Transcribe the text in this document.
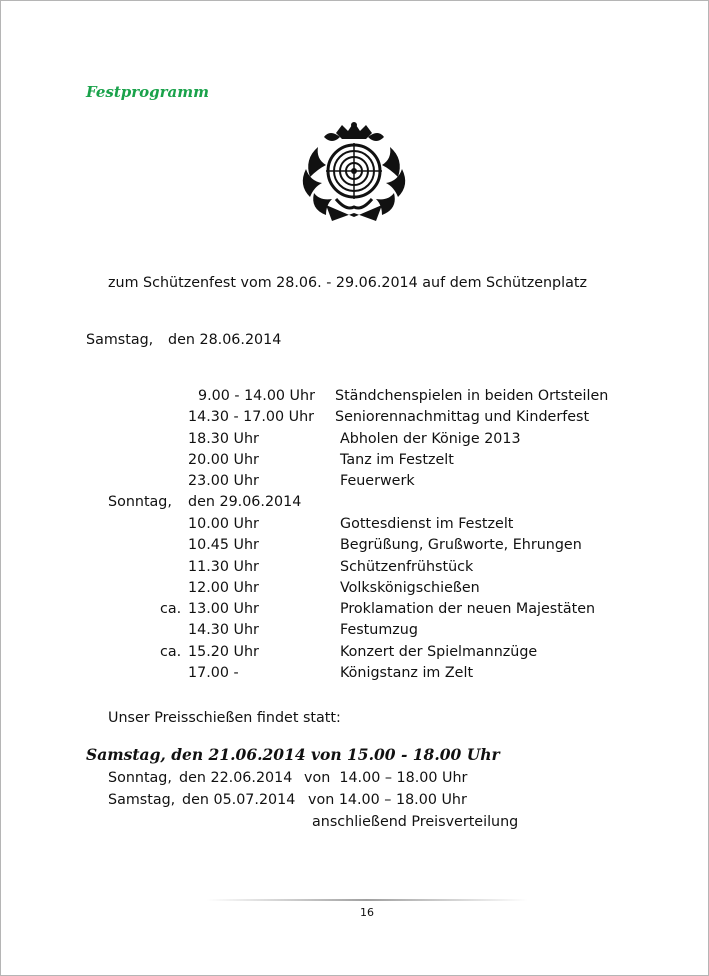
Festprogramm
zum Schützenfest vom 28.06. - 29.06.2014 auf dem Schützenplatz
Samstag, den 28.06.2014
9.00 - 14.00 Uhr Ständchenspielen in beiden Ortsteilen
14.30 - 17.00 Uhr Seniorennachmittag und Kinderfest
18.30 Uhr	Abholen der Könige 2013
20.00 Uhr	Tanz im Festzelt
23.00 Uhr	Feuerwerk
Sonntag, den 29.06.2014
10.00 Uhr	Gottesdienst im Festzelt
10.45 Uhr	Begrüßung, Grußworte, Ehrungen
11.30 Uhr	Schützenfrühstück
12.00 Uhr	Volkskönigschießen
ca. 13.00 Uhr	Proklamation der neuen Majestäten
14.30 Uhr	Festumzug
ca. 15.20 Uhr	Konzert der Spielmannzüge
17.00 -	Königstanz im Zelt
Unser Preisschießen findet statt:
Samstag, den 21.06.2014 von 15.00 - 18.00 Uhr
Sonntag, den 22.06.2014 von  14.00 – 18.00 Uhr
Samstag, den 05.07.2014 von 14.00 – 18.00 Uhr
anschließend Preisverteilung
16
